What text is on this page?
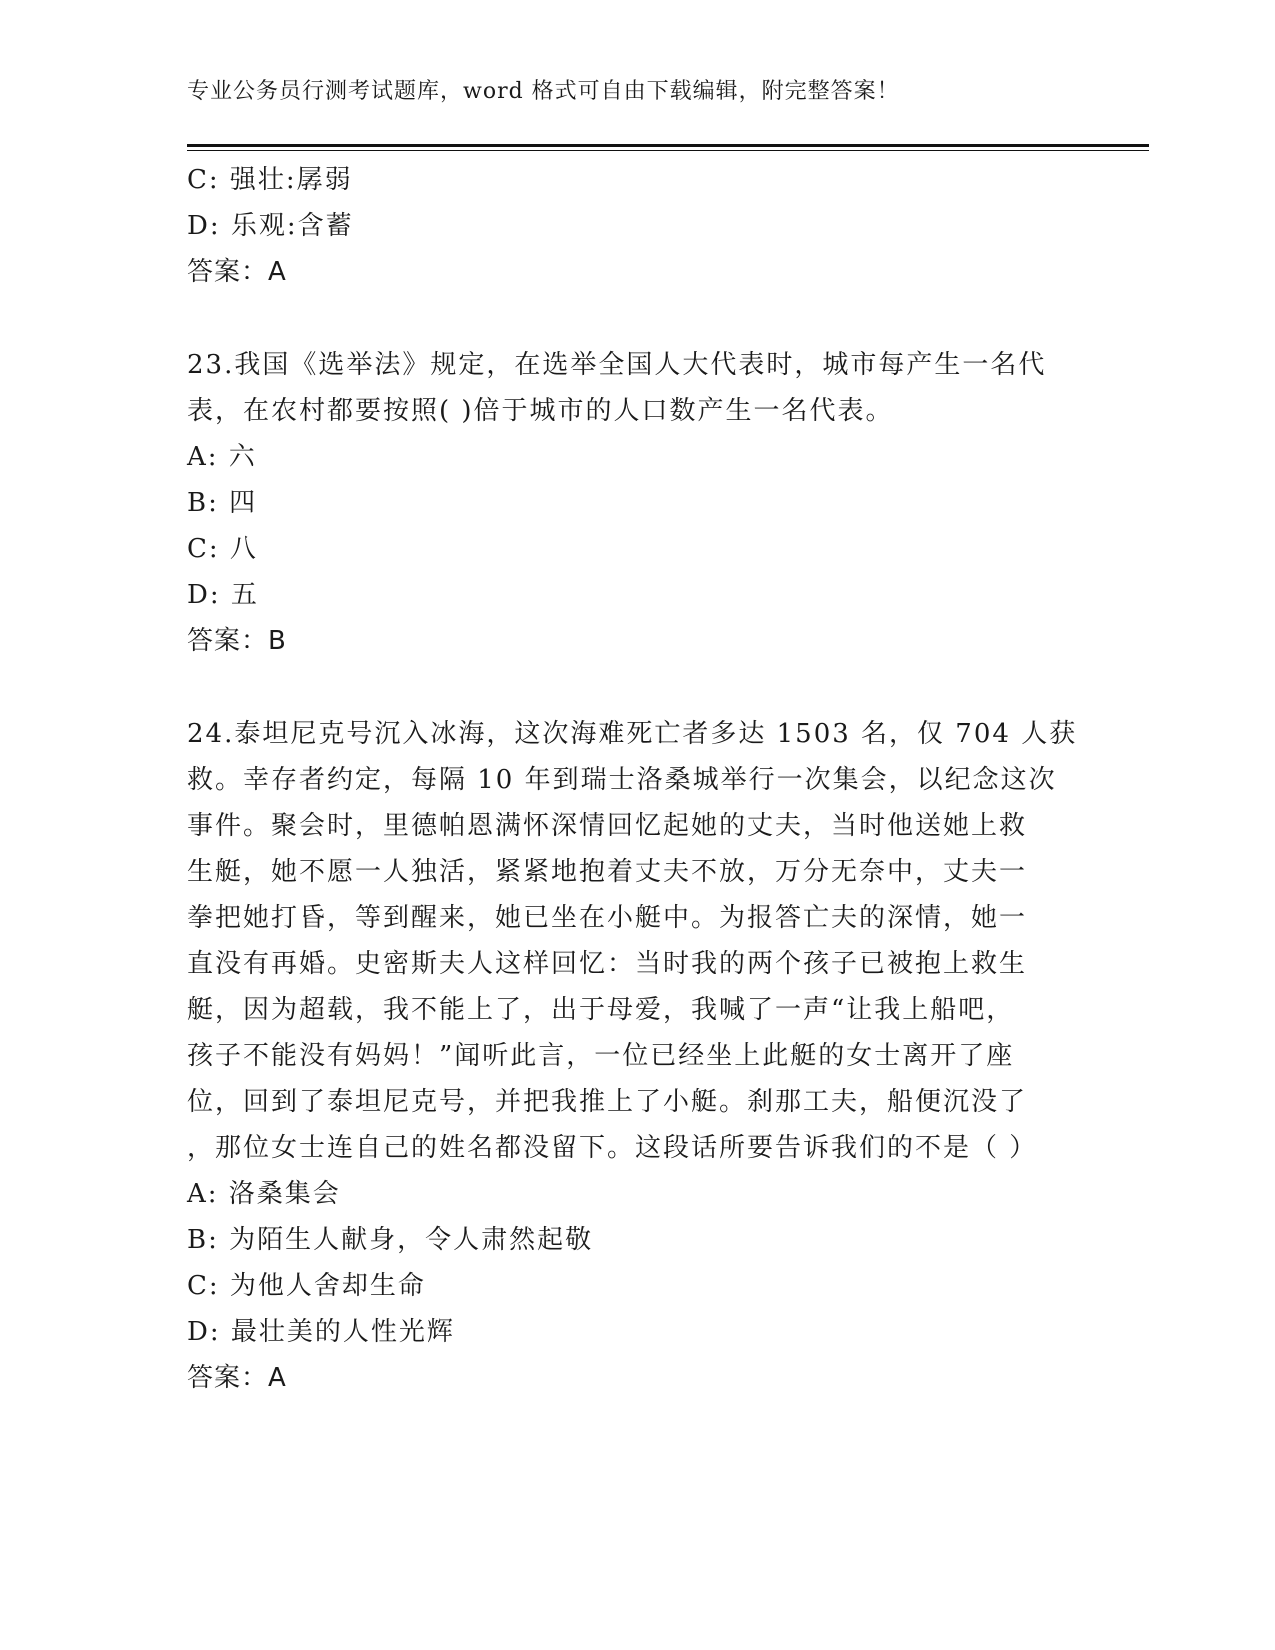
专业公务员行测考试题库，word 格式可自由下载编辑，附完整答案！
C: 强壮:孱弱
D: 乐观:含蓄
答案：A
23.我国《选举法》规定，在选举全国人大代表时，城市每产生一名代
表，在农村都要按照( )倍于城市的人口数产生一名代表。
A: 六
B: 四
C: 八
D: 五
答案：B
24.泰坦尼克号沉入冰海，这次海难死亡者多达 1503 名，仅 704 人获
救。幸存者约定，每隔 10 年到瑞士洛桑城举行一次集会，以纪念这次
事件。聚会时，里德帕恩满怀深情回忆起她的丈夫，当时他送她上救
生艇，她不愿一人独活，紧紧地抱着丈夫不放，万分无奈中，丈夫一
拳把她打昏，等到醒来，她已坐在小艇中。为报答亡夫的深情，她一
直没有再婚。史密斯夫人这样回忆：当时我的两个孩子已被抱上救生
艇，因为超载，我不能上了，出于母爱，我喊了一声“让我上船吧，
孩子不能没有妈妈！”闻听此言，一位已经坐上此艇的女士离开了座
位，回到了泰坦尼克号，并把我推上了小艇。刹那工夫，船便沉没了
，那位女士连自己的姓名都没留下。这段话所要告诉我们的不是（ ）
A: 洛桑集会
B: 为陌生人献身，令人肃然起敬
C: 为他人舍却生命
D: 最壮美的人性光辉
答案：A
